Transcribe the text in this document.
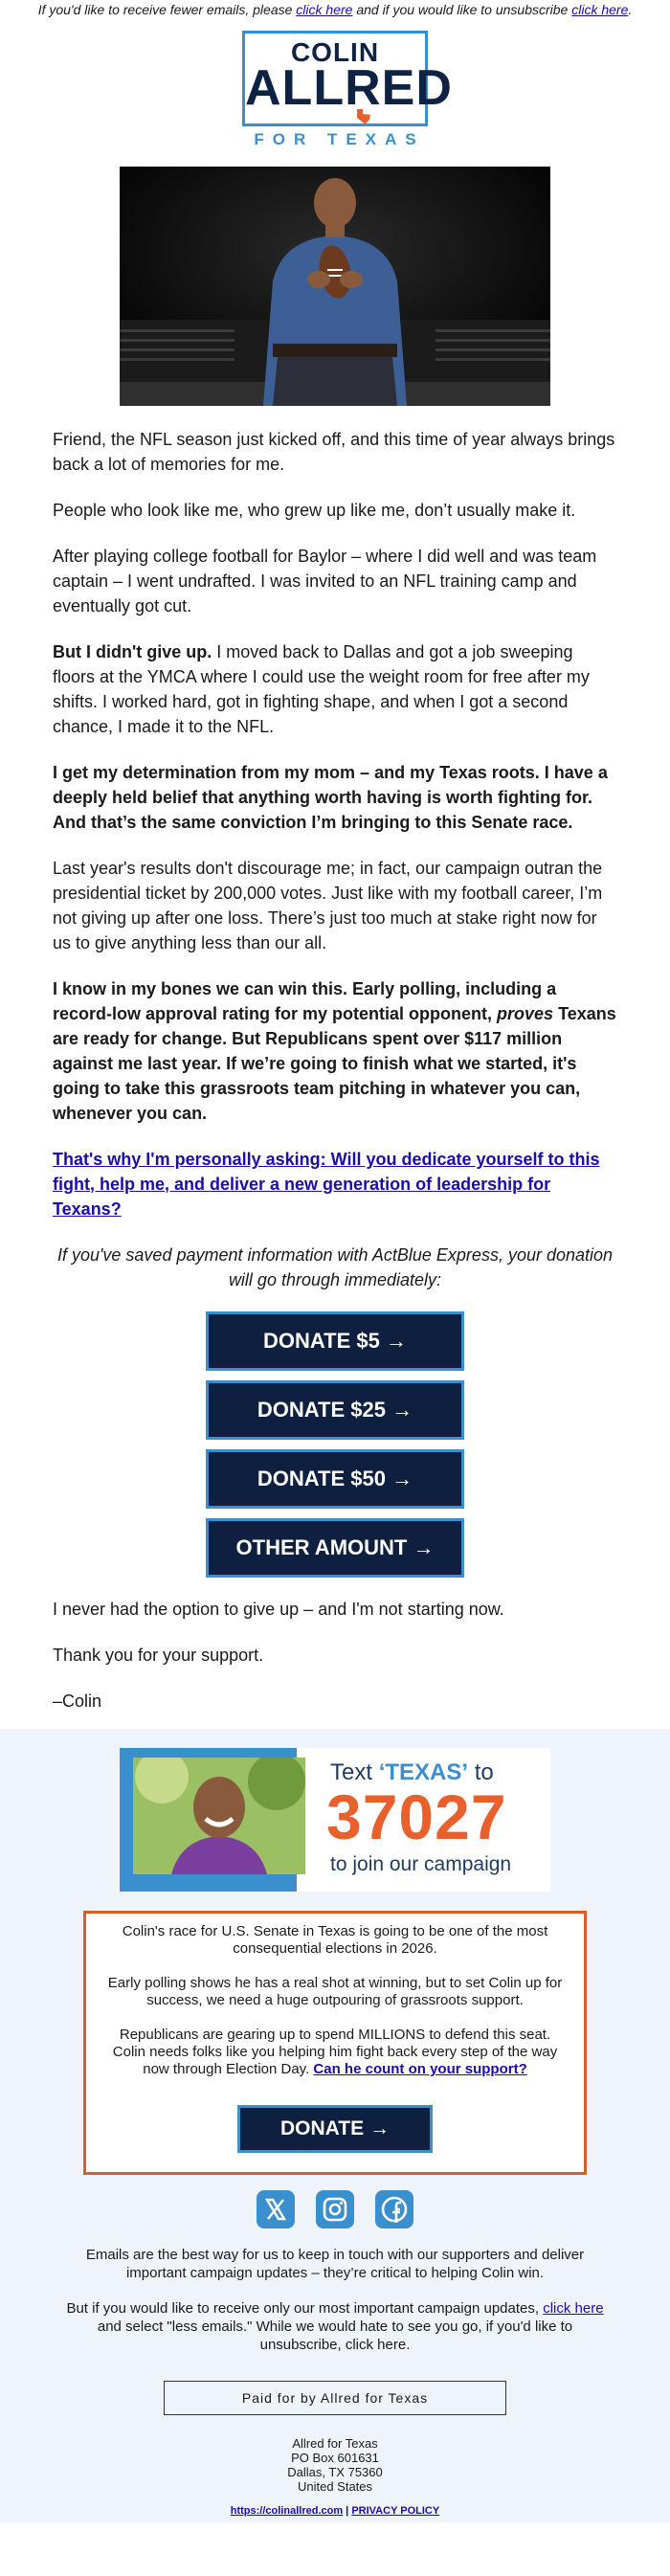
If you'd like to receive fewer emails, please click here and if you would like to unsubscribe click here.
COLIN
ALLRED
FOR TEXAS

Friend, the NFL season just kicked off, and this time of year always brings back a lot of memories for me.

People who look like me, who grew up like me, don’t usually make it.

After playing college football for Baylor – where I did well and was team captain – I went undrafted. I was invited to an NFL training camp and eventually got cut.

But I didn't give up. I moved back to Dallas and got a job sweeping floors at the YMCA where I could use the weight room for free after my shifts. I worked hard, got in fighting shape, and when I got a second chance, I made it to the NFL.

I get my determination from my mom – and my Texas roots. I have a deeply held belief that anything worth having is worth fighting for. And that’s the same conviction I’m bringing to this Senate race.

Last year's results don't discourage me; in fact, our campaign outran the presidential ticket by 200,000 votes. Just like with my football career, I’m not giving up after one loss. There’s just too much at stake right now for us to give anything less than our all.

I know in my bones we can win this. Early polling, including a record-low approval rating for my potential opponent, proves Texans are ready for change. But Republicans spent over $117 million against me last year. If we’re going to finish what we started, it's going to take this grassroots team pitching in whatever you can, whenever you can.

That's why I'm personally asking: Will you dedicate yourself to this fight, help me, and deliver a new generation of leadership for Texans?

If you've saved payment information with ActBlue Express, your donation will go through immediately:

DONATE $5 →
DONATE $25 →
DONATE $50 →
OTHER AMOUNT →

I never had the option to give up – and I'm not starting now.

Thank you for your support.

–Colin

Text ‘TEXAS’ to
37027
to join our campaign

Colin's race for U.S. Senate in Texas is going to be one of the most consequential elections in 2026.

Early polling shows he has a real shot at winning, but to set Colin up for success, we need a huge outpouring of grassroots support.

Republicans are gearing up to spend MILLIONS to defend this seat. Colin needs folks like you helping him fight back every step of the way now through Election Day. Can he count on your support?

DONATE →

Emails are the best way for us to keep in touch with our supporters and deliver important campaign updates – they’re critical to helping Colin win.

But if you would like to receive only our most important campaign updates, click here and select "less emails." While we would hate to see you go, if you'd like to unsubscribe, click here.

Paid for by Allred for Texas
Allred for Texas
PO Box 601631
Dallas, TX 75360
United States
https://colinallred.com | PRIVACY POLICY
